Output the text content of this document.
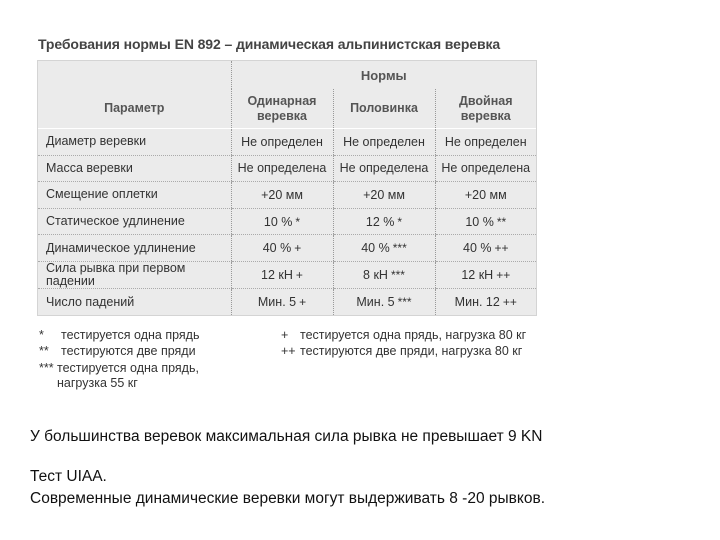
Требования нормы EN 892 – динамическая альпинистская веревка
	Нормы		
Параметр	Одинарная веревка	Половинка	Двойная веревка
Диаметр веревки	Не определен	Не определен	Не определен
Масса веревки	Не определена	Не определена	Не определена
Смещение оплетки	+20 мм	+20 мм	+20 мм
Статическое удлинение	10 % *	12 % *	10 % **
Динамическое удлинение	40 % +	40 % ***	40 % ++
Сила рывка при первом падении	12 кН +	8 кН ***	12 кН ++
Число падений	Мин. 5 +	Мин. 5 ***	Мин. 12 ++
* тестируется одна прядь
** тестируются две пряди
*** тестируется одна прядь,
нагрузка 55 кг
+ тестируется одна прядь, нагрузка 80 кг
++ тестируются две пряди, нагрузка 80 кг
У большинства веревок максимальная сила рывка не превышает 9 KN
Тест UIAA.
Современные динамические веревки могут выдерживать 8 -20 рывков.
